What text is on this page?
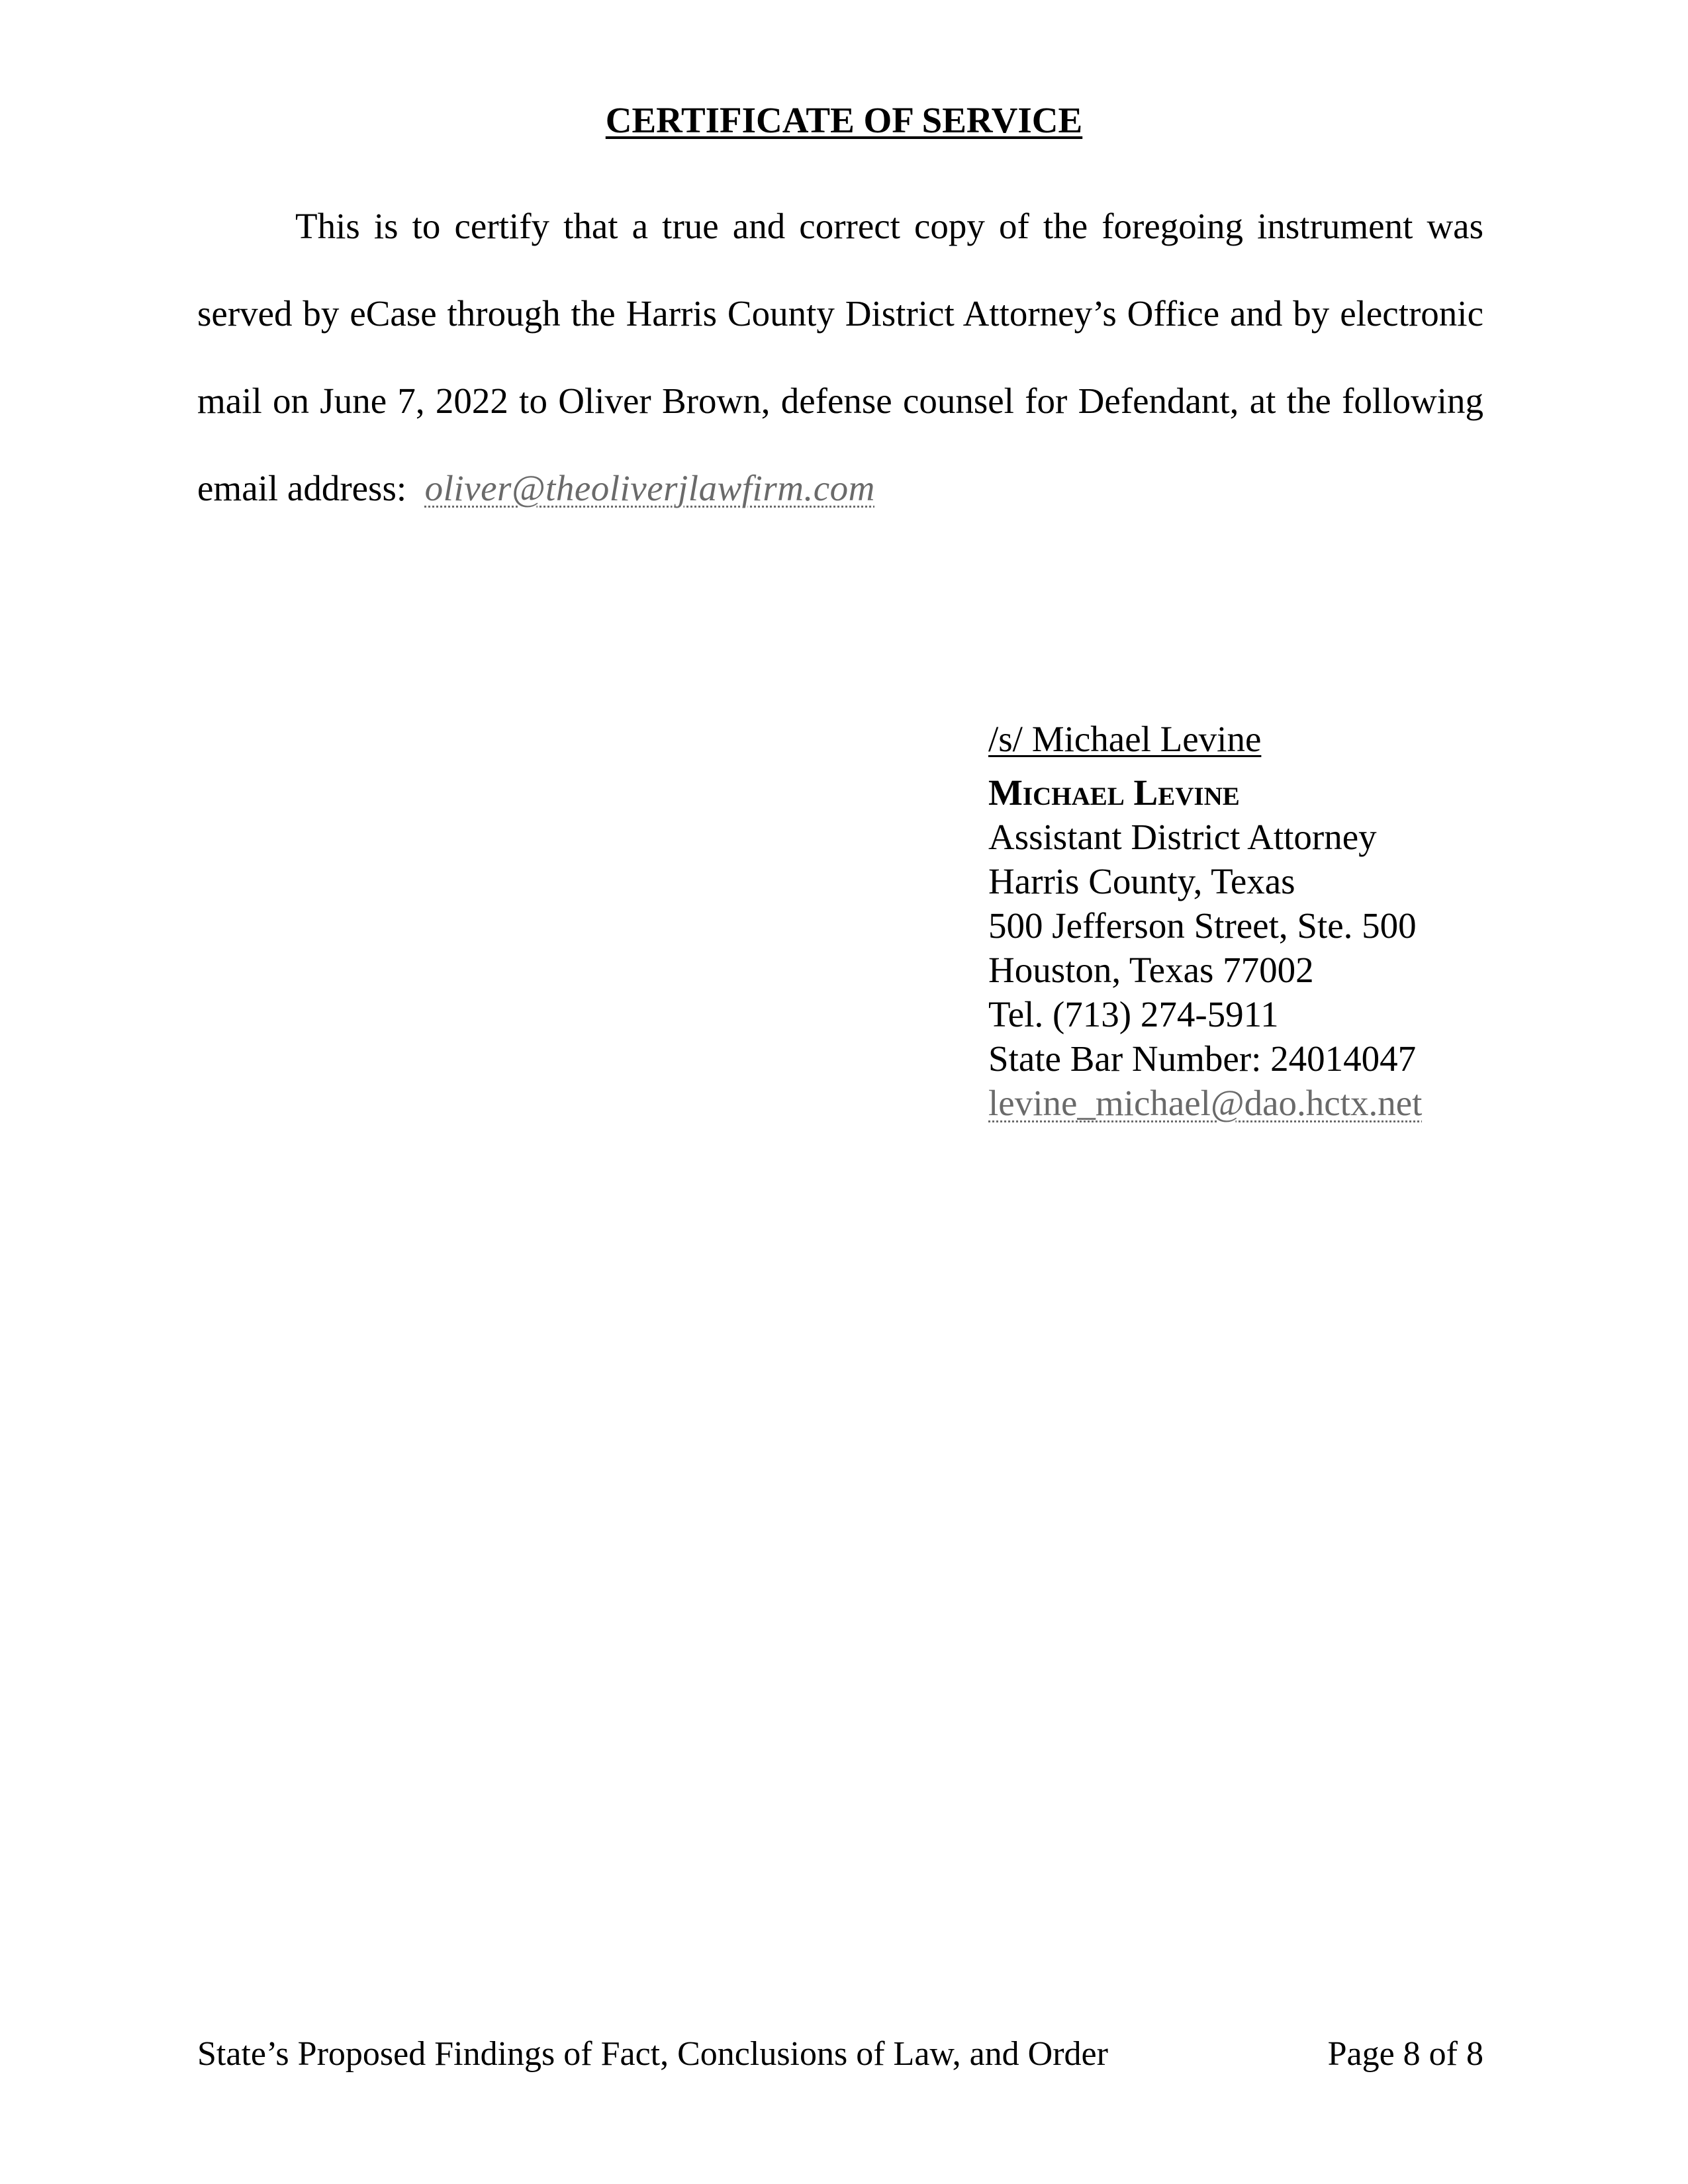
CERTIFICATE OF SERVICE

This is to certify that a true and correct copy of the foregoing instrument was served by eCase through the Harris County District Attorney’s Office and by electronic mail on June 7, 2022 to Oliver Brown, defense counsel for Defendant, at the following email address: oliver@theoliverjlawfirm.com

/s/ Michael Levine
Michael Levine
Assistant District Attorney
Harris County, Texas
500 Jefferson Street, Ste. 500
Houston, Texas 77002
Tel. (713) 274-5911
State Bar Number: 24014047
levine_michael@dao.hctx.net
State’s Proposed Findings of Fact, Conclusions of Law, and Order	Page 8 of 8
